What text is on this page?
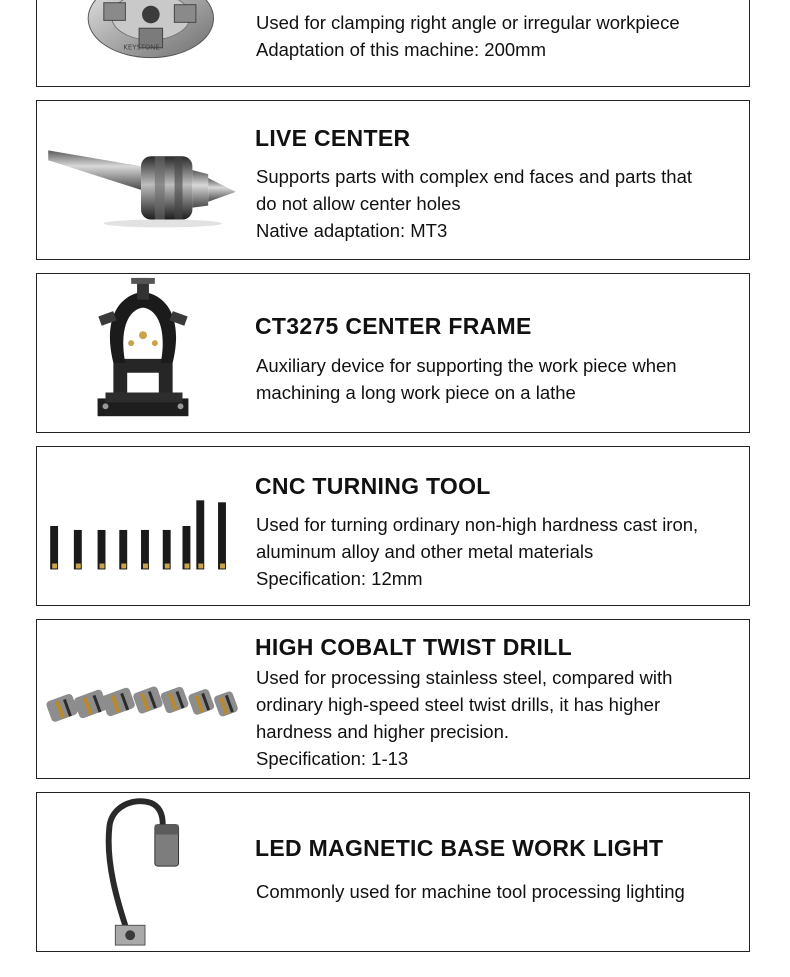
KEYSTONE
Used for clamping right angle or irregular workpiece
Adaptation of this machine: 200mm
LIVE CENTER
Supports parts with complex end faces and parts that
do not allow center holes
Native adaptation: MT3
CT3275 CENTER FRAME
Auxiliary device for supporting the work piece when
machining a long work piece on a lathe
CNC TURNING TOOL
Used for turning ordinary non-high hardness cast iron,
aluminum alloy and other metal materials
Specification: 12mm
HIGH COBALT TWIST DRILL
Used for processing stainless steel, compared with
ordinary high-speed steel twist drills, it has higher
hardness and higher precision.
Specification: 1-13
LED MAGNETIC BASE WORK LIGHT
Commonly used for machine tool processing lighting
